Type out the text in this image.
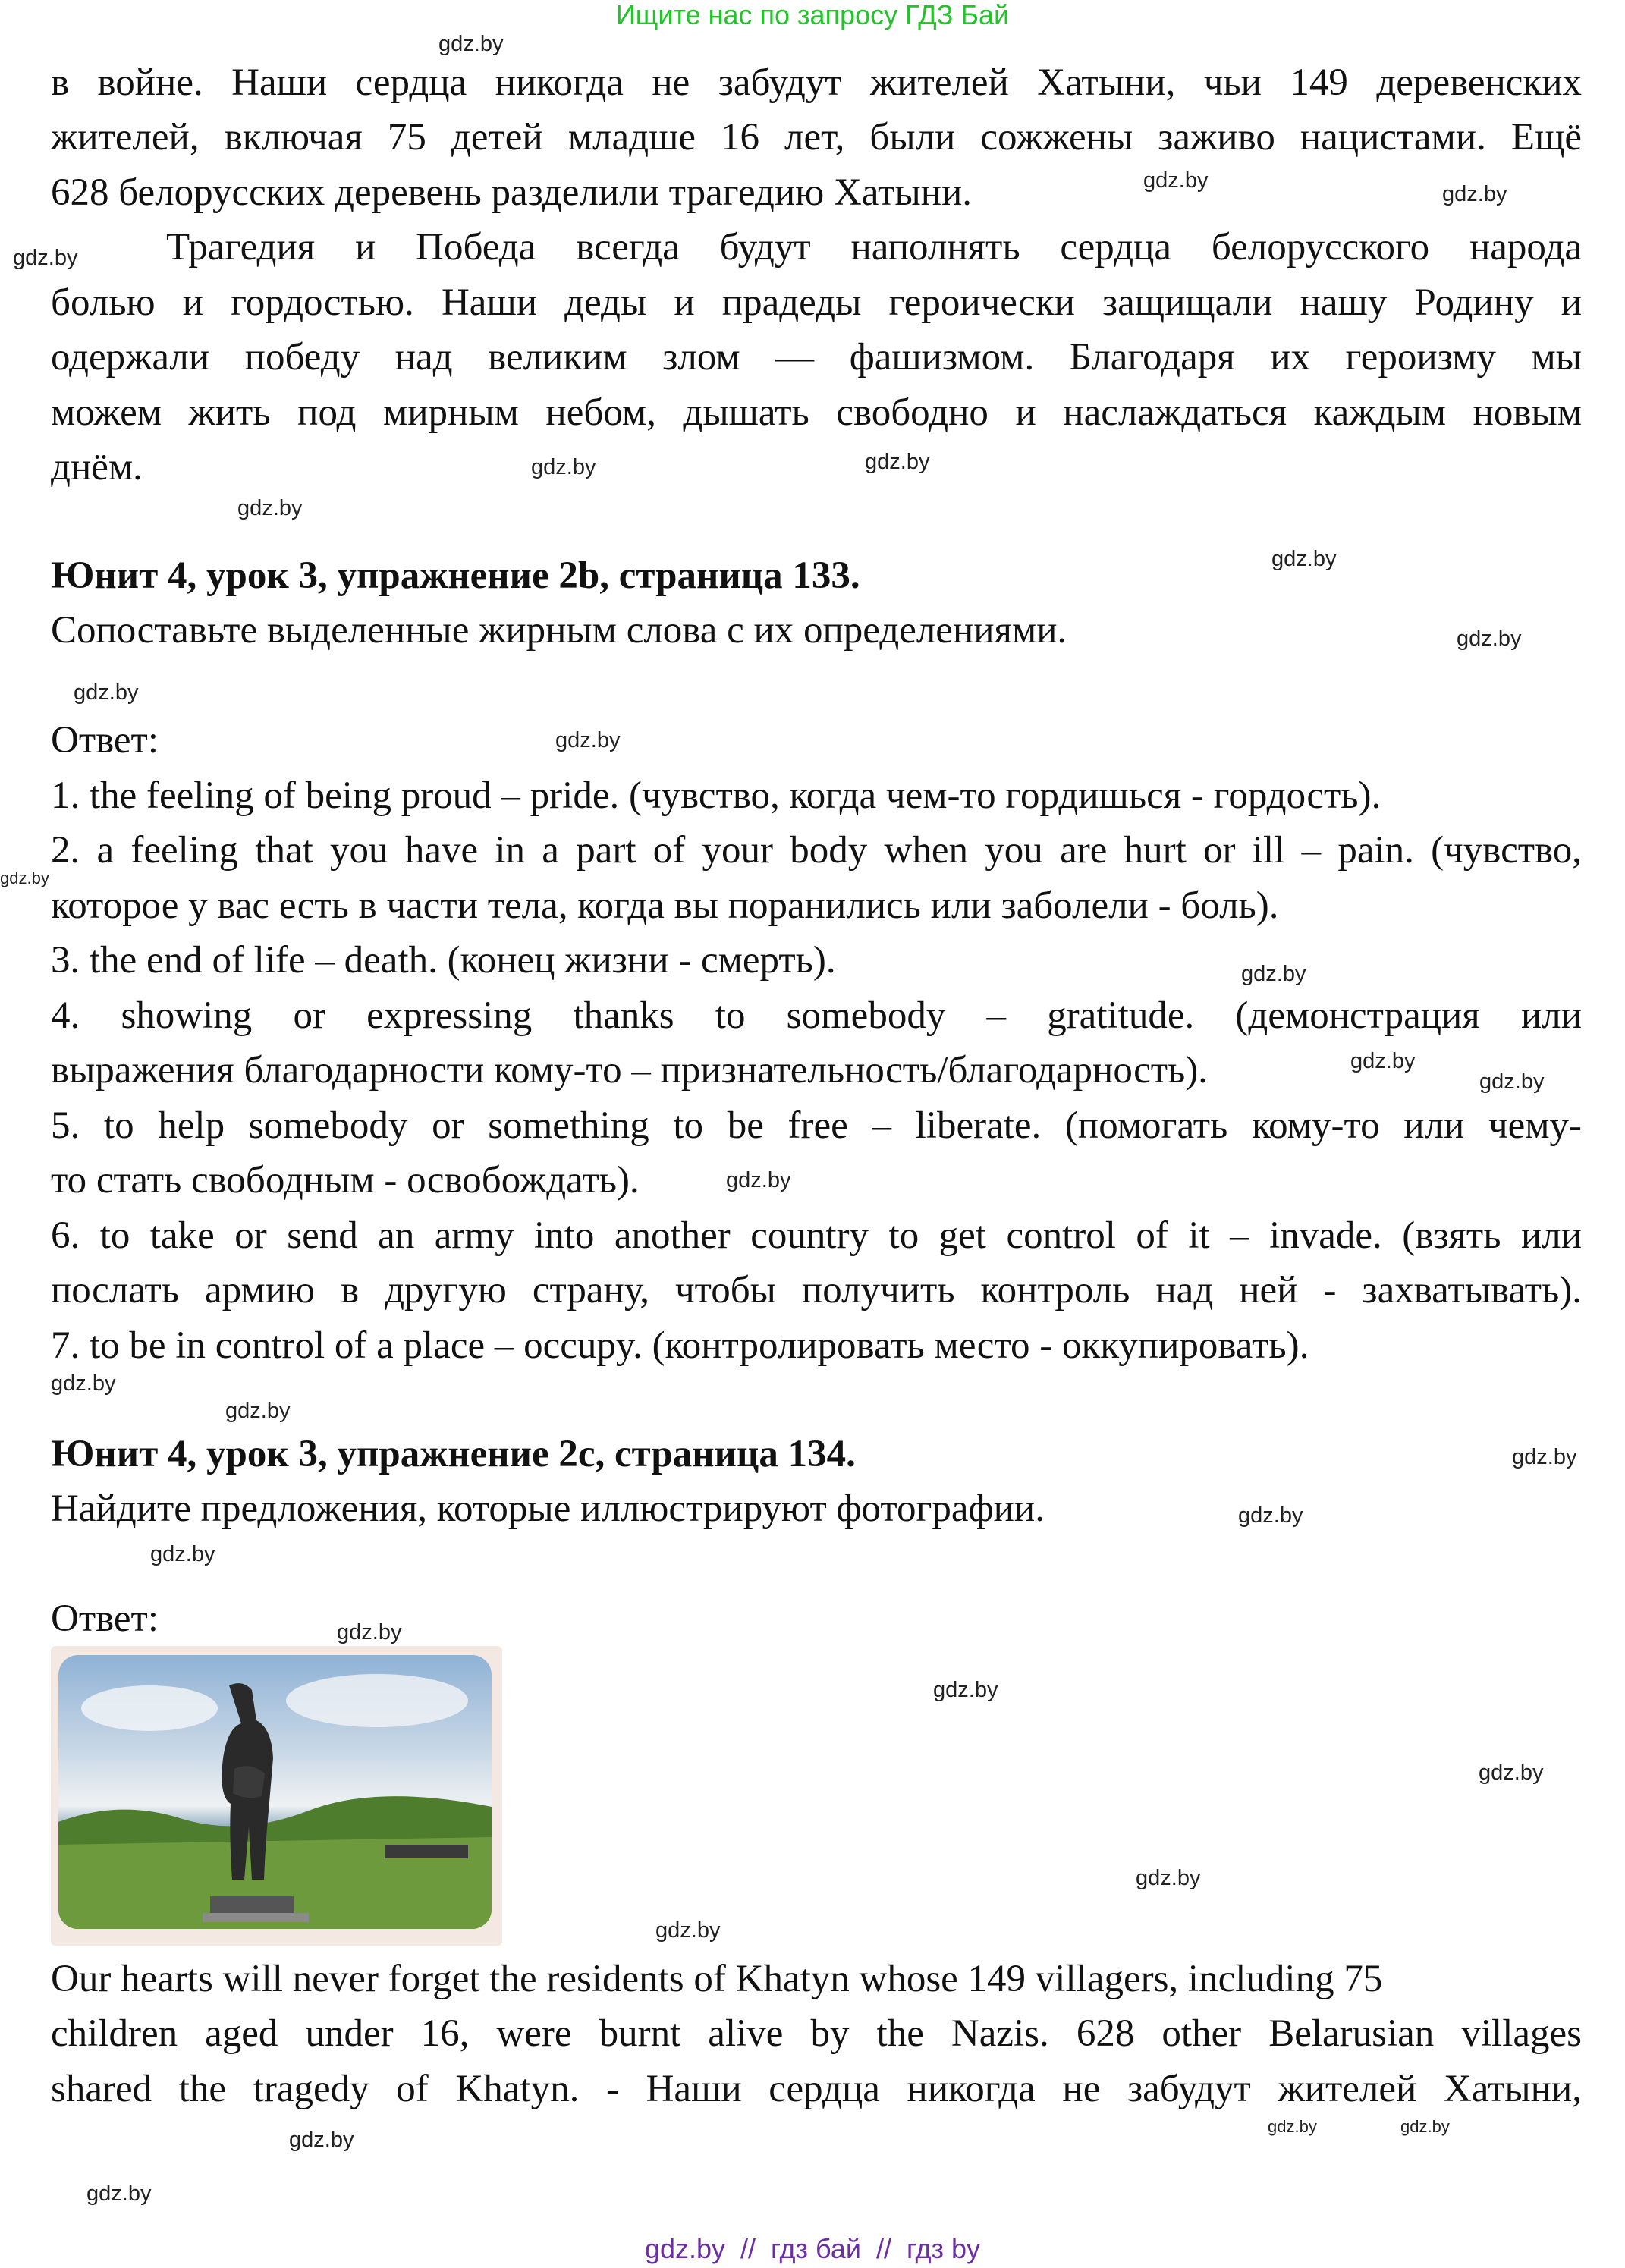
Ищите нас по запросу ГДЗ Бай
в войне. Наши сердца никогда не забудут жителей Хатыни, чьи 149 деревенских
жителей, включая 75 детей младше 16 лет, были сожжены заживо нацистами. Ещё
628 белорусских деревень разделили трагедию Хатыни.
Трагедия и Победа всегда будут наполнять сердца белорусского народа
болью и гордостью. Наши деды и прадеды героически защищали нашу Родину и
одержали победу над великим злом — фашизмом. Благодаря их героизму мы
можем жить под мирным небом, дышать свободно и наслаждаться каждым новым
днём.
Юнит 4, урок 3, упражнение 2b, страница 133.
Сопоставьте выделенные жирным слова с их определениями.
Ответ:
1. the feeling of being proud – pride. (чувство, когда чем-то гордишься - гордость).
2. a feeling that you have in a part of your body when you are hurt or ill – pain. (чувство,
которое у вас есть в части тела, когда вы поранились или заболели - боль).
3. the end of life – death. (конец жизни - смерть).
4. showing or expressing thanks to somebody – gratitude. (демонстрация или
выражения благодарности кому-то – признательность/благодарность).
5. to help somebody or something to be free – liberate. (помогать кому-то или чему-
то стать свободным - освобождать).
6. to take or send an army into another country to get control of it – invade. (взять или
послать армию в другую страну, чтобы получить контроль над ней - захватывать).
7. to be in control of a place – occupy. (контролировать место - оккупировать).
Юнит 4, урок 3, упражнение 2c, страница 134.
Найдите предложения, которые иллюстрируют фотографии.
Ответ:
Our hearts will never forget the residents of Khatyn whose 149 villagers, including 75
children aged under 16, were burnt alive by the Nazis. 628 other Belarusian villages
shared the tragedy of Khatyn. - Наши сердца никогда не забудут жителей Хатыни,
gdz.by
gdz.by
gdz.by
gdz.by
gdz.by	gdz.by
gdz.by
gdz.by
gdz.by
gdz.by
gdz.by
gdz.by
gdz.by
gdz.by
gdz.by
gdz.by
gdz.by
gdz.by
gdz.by
gdz.by
gdz.by
gdz.by
gdz.by
gdz.by
gdz.by
gdz.by
gdz.by
gdz.by
gdz.by
gdz.by
gdz.by  //  гдз бай  //  гдз by
